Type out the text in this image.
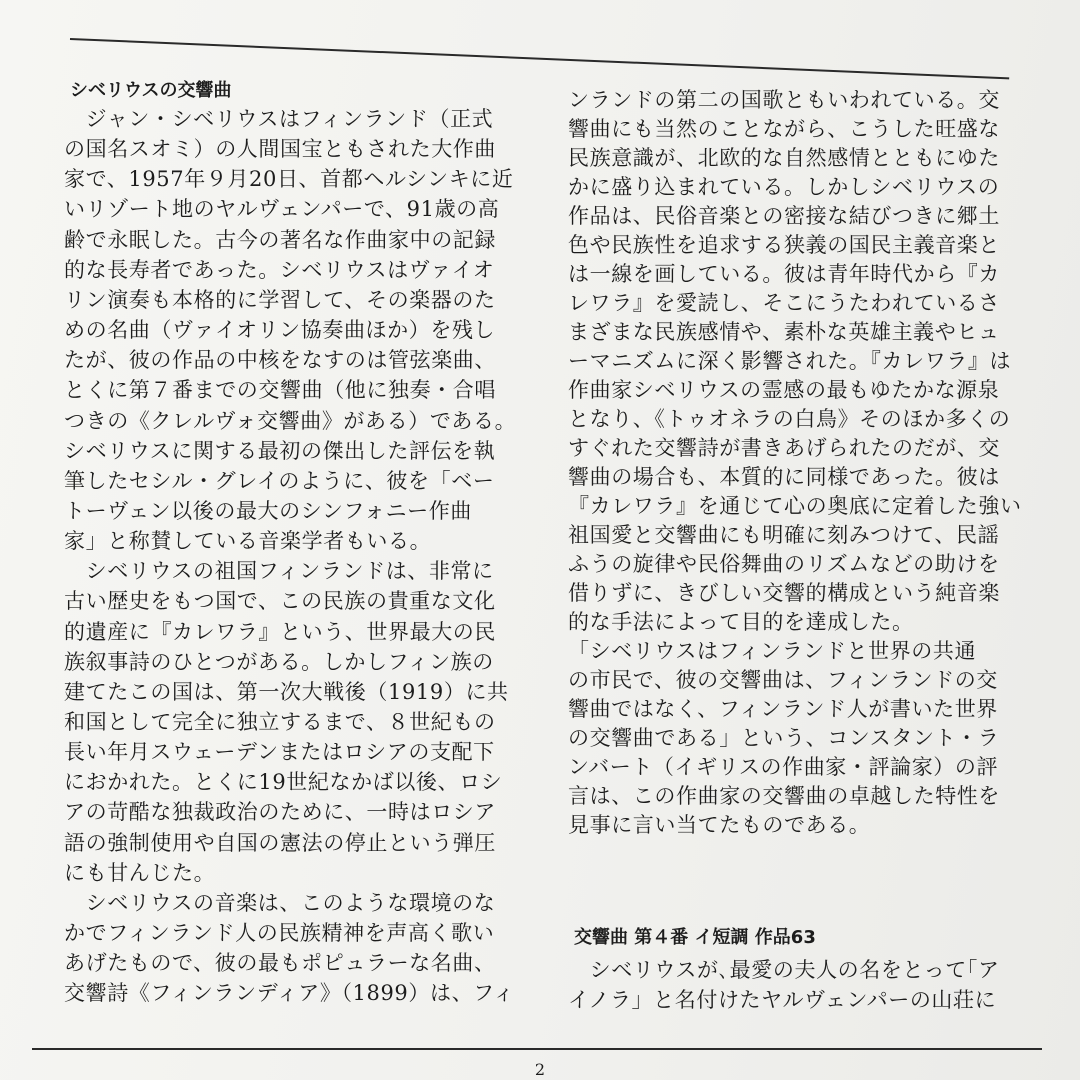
シベリウスの交響曲
　ジャン・シベリウスはフィンランド（正式
の国名スオミ）の人間国宝ともされた大作曲
家で、1957年９月20日、首都ヘルシンキに近
いリゾート地のヤルヴェンパーで、91歳の高
齢で永眠した。古今の著名な作曲家中の記録
的な長寿者であった。シベリウスはヴァイオ
リン演奏も本格的に学習して、その楽器のた
めの名曲（ヴァイオリン協奏曲ほか）を残し
たが、彼の作品の中核をなすのは管弦楽曲、
とくに第７番までの交響曲（他に独奏・合唱
つきの《クレルヴォ交響曲》がある）である。
シベリウスに関する最初の傑出した評伝を執
筆したセシル・グレイのように、彼を「ベー
トーヴェン以後の最大のシンフォニー作曲
家」と称賛している音楽学者もいる。
　シベリウスの祖国フィンランドは、非常に
古い歴史をもつ国で、この民族の貴重な文化
的遺産に『カレワラ』という、世界最大の民
族叙事詩のひとつがある。しかしフィン族の
建てたこの国は、第一次大戦後（1919）に共
和国として完全に独立するまで、８世紀もの
長い年月スウェーデンまたはロシアの支配下
におかれた。とくに19世紀なかば以後、ロシ
アの苛酷な独裁政治のために、一時はロシア
語の強制使用や自国の憲法の停止という弾圧
にも甘んじた。
　シベリウスの音楽は、このような環境のな
かでフィンランド人の民族精神を声高く歌い
あげたもので、彼の最もポピュラーな名曲、
交響詩《フィンランディア》（1899）は、フィ
ンランドの第二の国歌ともいわれている。交
響曲にも当然のことながら、こうした旺盛な
民族意識が、北欧的な自然感情とともにゆた
かに盛り込まれている。しかしシベリウスの
作品は、民俗音楽との密接な結びつきに郷土
色や民族性を追求する狭義の国民主義音楽と
は一線を画している。彼は青年時代から『カ
レワラ』を愛読し、そこにうたわれているさ
まざまな民族感情や、素朴な英雄主義やヒュ
ーマニズムに深く影響された。『カレワラ』は
作曲家シベリウスの霊感の最もゆたかな源泉
となり、《トゥオネラの白鳥》そのほか多くの
すぐれた交響詩が書きあげられたのだが、交
響曲の場合も、本質的に同様であった。彼は
『カレワラ』を通じて心の奥底に定着した強い
祖国愛と交響曲にも明確に刻みつけて、民謡
ふうの旋律や民俗舞曲のリズムなどの助けを
借りずに、きびしい交響的構成という純音楽
的な手法によって目的を達成した。
「シベリウスはフィンランドと世界の共通
の市民で、彼の交響曲は、フィンランドの交
響曲ではなく、フィンランド人が書いた世界
の交響曲である」という、コンスタント・ラ
ンバート（イギリスの作曲家・評論家）の評
言は、この作曲家の交響曲の卓越した特性を
見事に言い当てたものである。
交響曲 第４番 イ短調 作品63
　シベリウスが､最愛の夫人の名をとって｢ア
イノラ」と名付けたヤルヴェンパーの山荘に
2
